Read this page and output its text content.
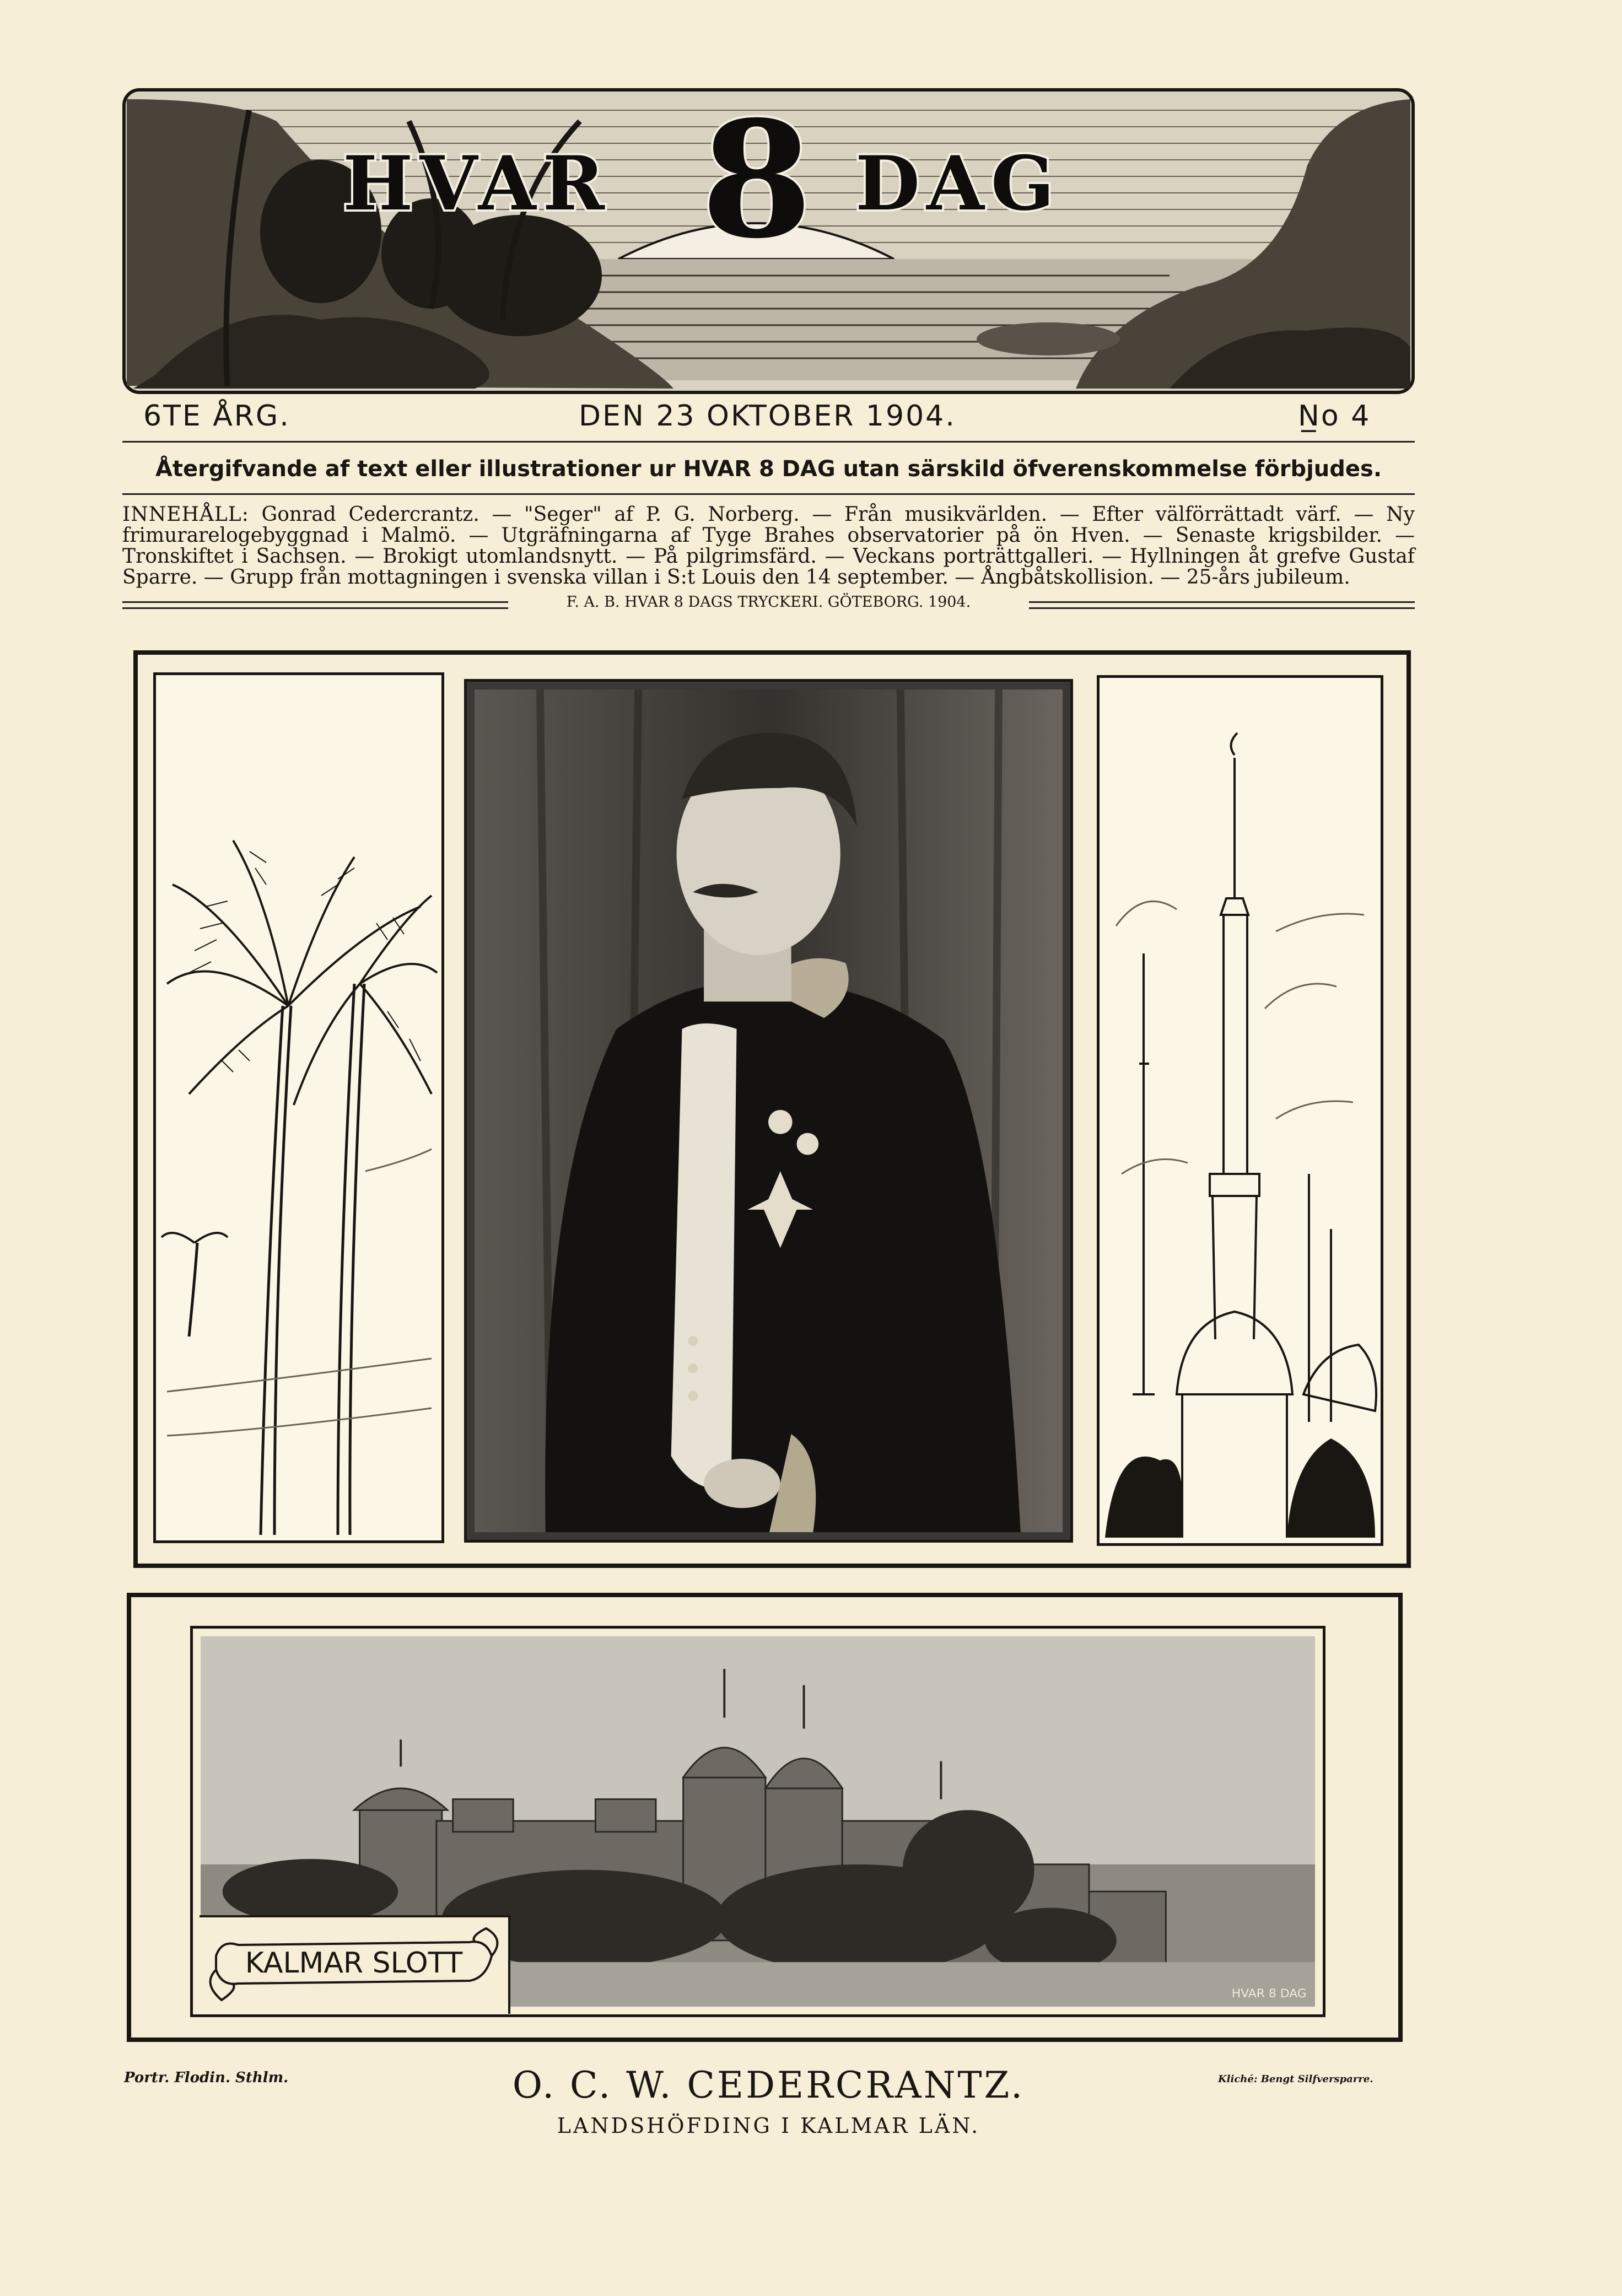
HVAR 8 DAG
6TE ÅRG.	DEN 23 OKTOBER 1904.	N̲o 4
Återgifvande af text eller illustrationer ur HVAR 8 DAG utan särskild öfverenskommelse förbjudes.
INNEHÅLL: Gonrad Cedercrantz. — "Seger" af P. G. Norberg. — Från musikvärlden. — Efter välförrättadt värf. — Ny frimurarelogebyggnad i Malmö. — Utgräfningarna af Tyge Brahes observatorier på ön Hven. — Senaste krigsbilder. — Tronskiftet i Sachsen. — Brokigt utomlandsnytt. — På pilgrimsfärd. — Veckans porträttgalleri. — Hyllningen åt grefve Gustaf Sparre. — Grupp från mottagningen i svenska villan i S:t Louis den 14 september. — Ångbåtskollision. — 25-års jubileum.
F. A. B. HVAR 8 DAGS TRYCKERI. GÖTEBORG. 1904.
HVAR 8 DAG
KALMAR SLOTT
Portr. Flodin. Sthlm.	Kliché: Bengt Silfversparre.
O. C. W. CEDERCRANTZ.
LANDSHÖFDING I KALMAR LÄN.
